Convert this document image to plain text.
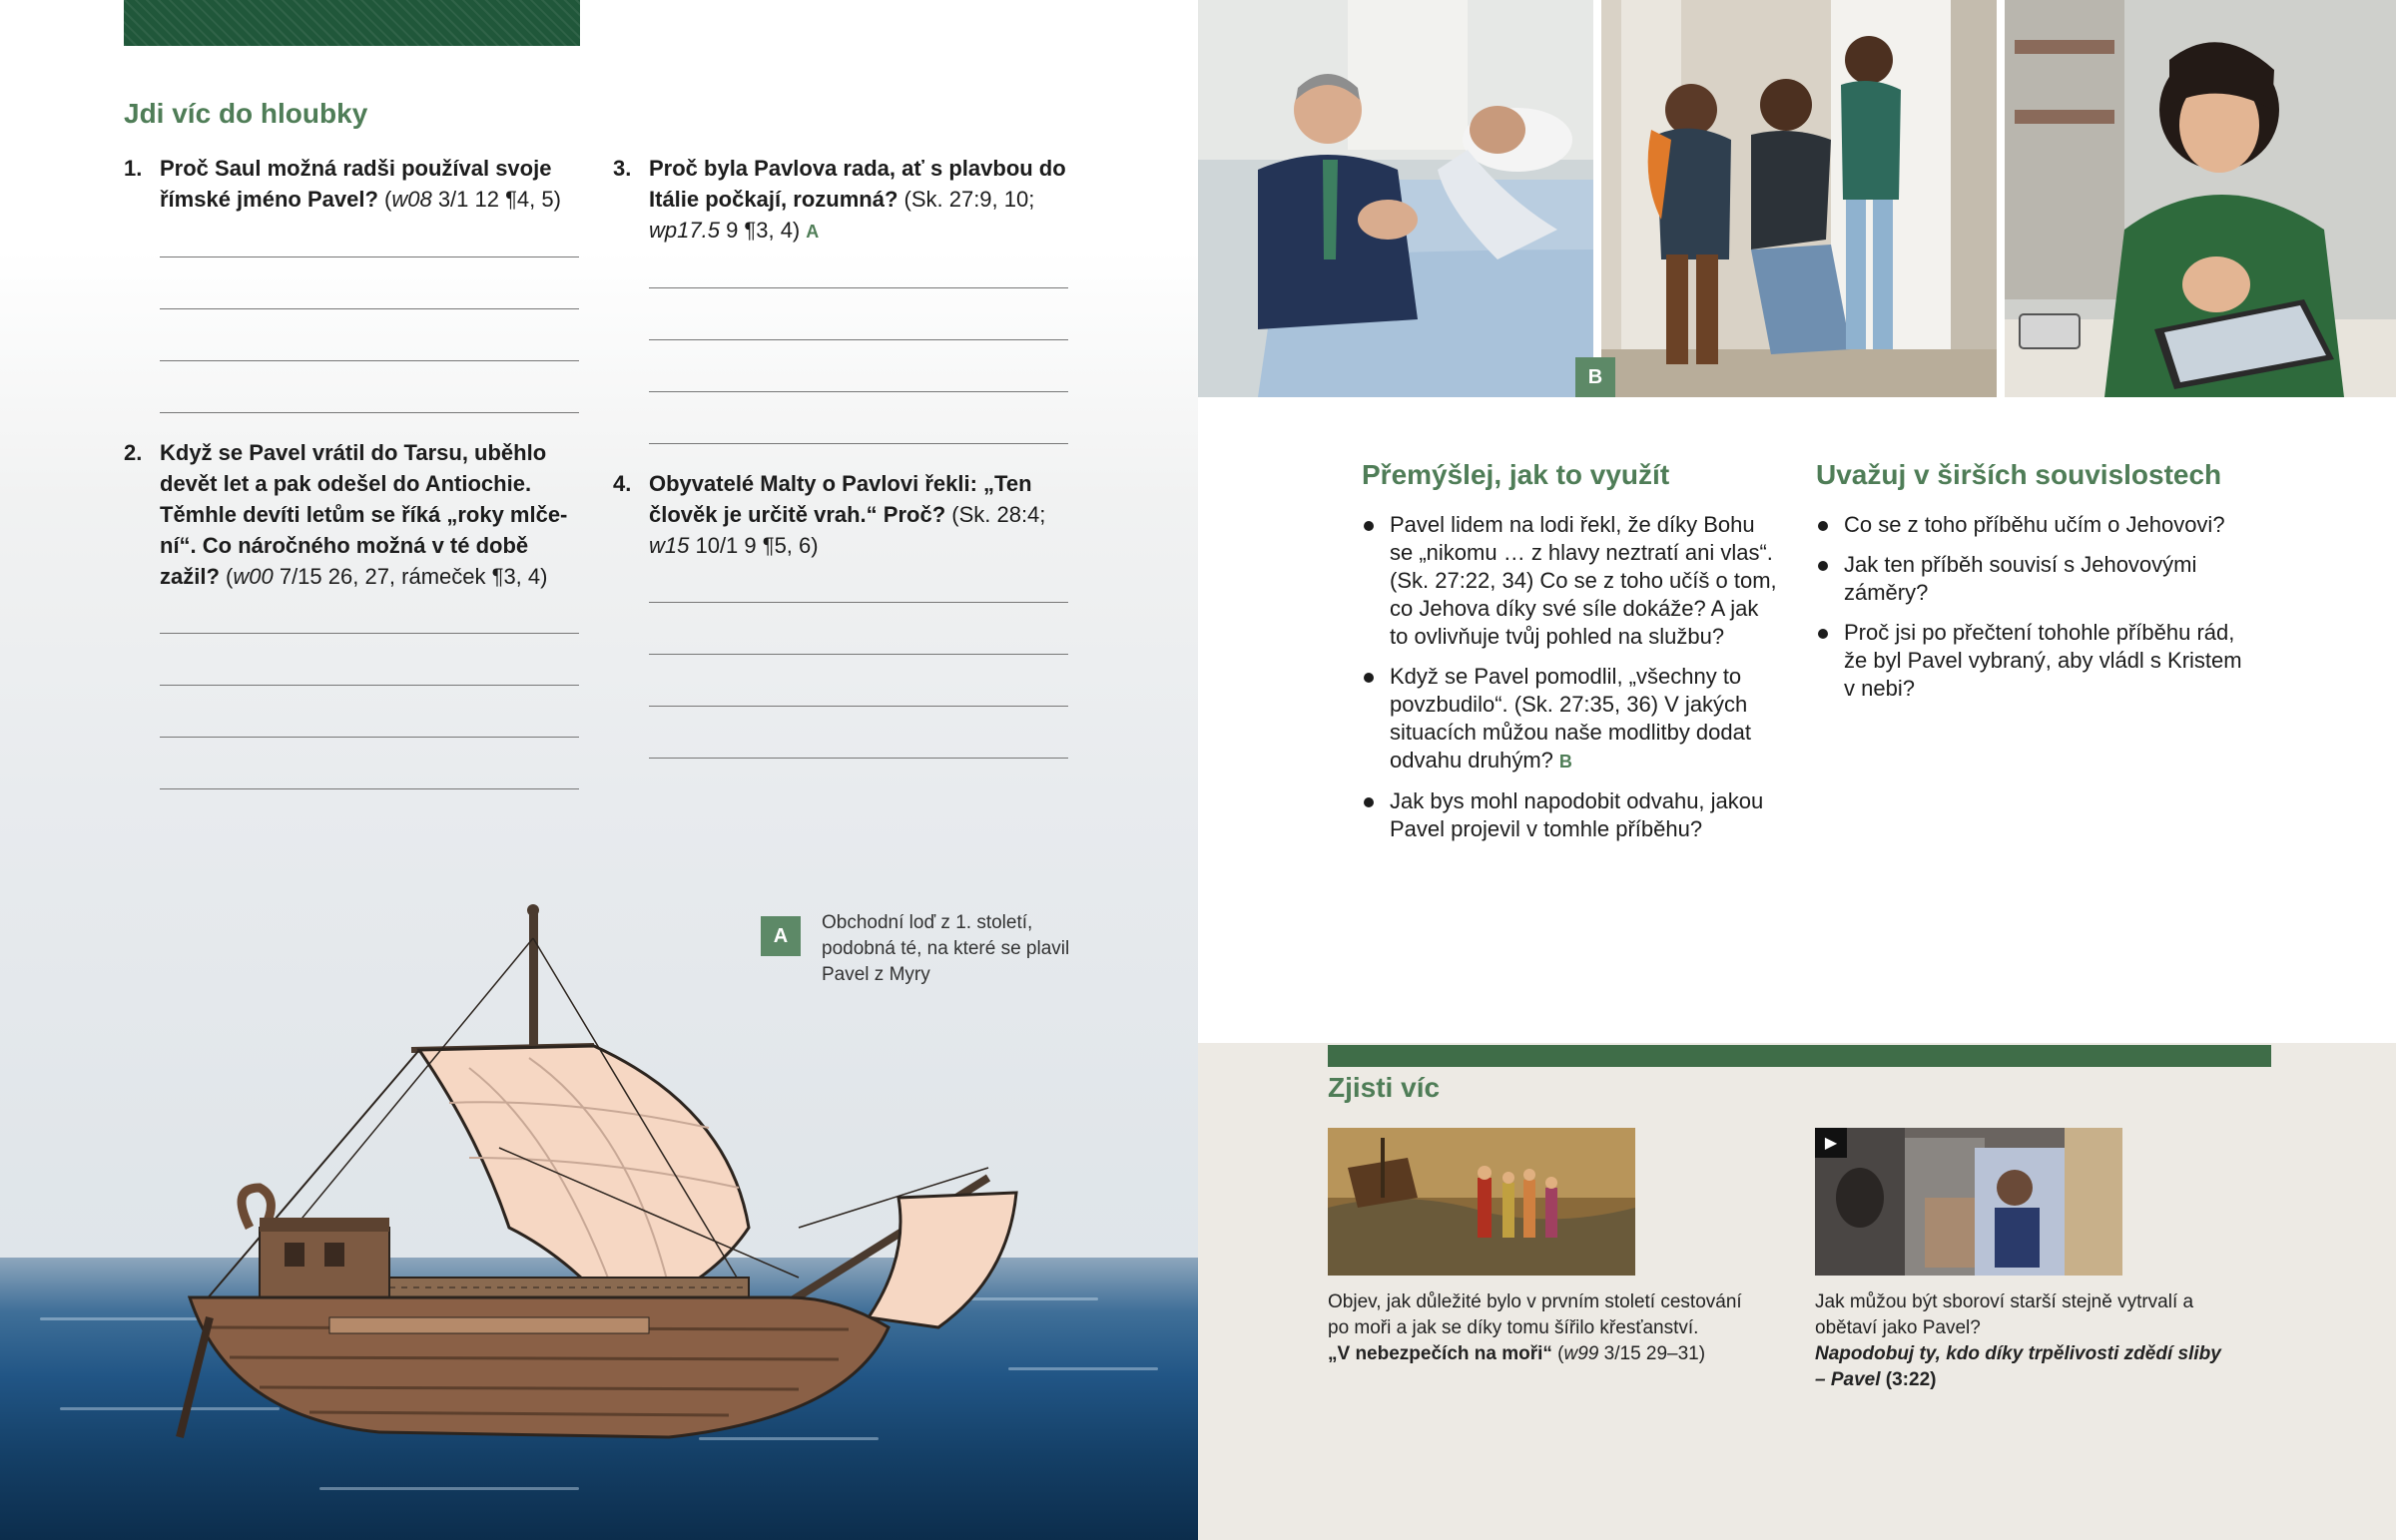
Jdi víc do hloubky
1. Proč Saul možná radši používal svoje římské jméno Pavel? (w08 3/1 12 ¶4, 5)
2. Když se Pavel vrátil do Tarsu, uběhlo devět let a pak odešel do Antiochie. Těmhle devíti letům se říká „roky mlče- ní“. Co náročného možná v té době zažil? (w00 7/15 26, 27, rámeček ¶3, 4)
3. Proč byla Pavlova rada, ať s plavbou do Itálie počkají, rozumná? (Sk. 27:9, 10; wp17.5 9 ¶3, 4) A
4. Obyvatelé Malty o Pavlovi řekli: „Ten člověk je určitě vrah.“ Proč? (Sk. 28:4; w15 10/1 9 ¶5, 6)
A
Obchodní loď z 1. století, podobná té, na které se plavil Pavel z Myry
B
Přemýšlej, jak to využít
Pavel lidem na lodi řekl, že díky Bohu se „nikomu … z hlavy neztratí ani vlas“. (Sk. 27:22, 34) Co se z toho učíš o tom, co Jehova díky své síle dokáže? A jak to ovlivňuje tvůj pohled na službu?
Když se Pavel pomodlil, „všechny to povzbudilo“. (Sk. 27:35, 36) V jakých situacích můžou naše modlitby dodat odvahu druhým? B
Jak bys mohl napodobit odvahu, jakou Pavel projevil v tomhle příběhu?
Uvažuj v širších souvislostech
Co se z toho příběhu učím o Jehovovi?
Jak ten příběh souvisí s Jehovovými záměry?
Proč jsi po přečtení tohohle příběhu rád, že byl Pavel vybraný, aby vládl s Kristem v nebi?
Zjisti víc
Objev, jak důležité bylo v prvním století cestování po moři a jak se díky tomu šířilo křesťanství.
„V nebezpečích na moři“ (w99 3/15 29–31)
▶
Jak můžou být sboroví starší stejně vytrvalí a obětaví jako Pavel?
Napodobuj ty, kdo díky trpělivosti zdědí sliby – Pavel (3:22)
